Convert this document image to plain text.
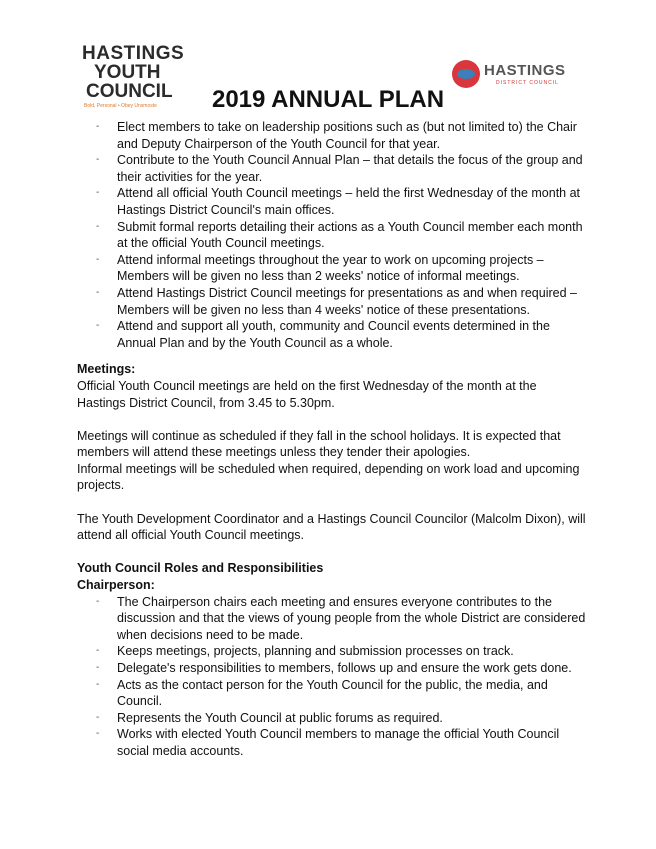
HASTINGS
YOUTH
COUNCIL
Bold, Personal • Obey Unsmoste
HASTINGS
DISTRICT COUNCIL
2019 ANNUAL PLAN
- Elect members to take on leadership positions such as (but not limited to) the Chair and Deputy Chairperson of the Youth Council for that year.
- Contribute to the Youth Council Annual Plan – that details the focus of the group and their activities for the year.
- Attend all official Youth Council meetings – held the first Wednesday of the month at Hastings District Council's main offices.
- Submit formal reports detailing their actions as a Youth Council member each month at the official Youth Council meetings.
- Attend informal meetings throughout the year to work on upcoming projects – Members will be given no less than 2 weeks' notice of informal meetings.
- Attend Hastings District Council meetings for presentations as and when required – Members will be given no less than 4 weeks' notice of these presentations.
- Attend and support all youth, community and Council events determined in the Annual Plan and by the Youth Council as a whole.
Meetings:

Official Youth Council meetings are held on the first Wednesday of the month at the Hastings District Council, from 3.45 to 5.30pm.

Meetings will continue as scheduled if they fall in the school holidays. It is expected that members will attend these meetings unless they tender their apologies.

Informal meetings will be scheduled when required, depending on work load and upcoming projects.

The Youth Development Coordinator and a Hastings Council Councilor (Malcolm Dixon), will attend all official Youth Council meetings.

Youth Council Roles and Responsibilities
Chairperson:
- The Chairperson chairs each meeting and ensures everyone contributes to the discussion and that the views of young people from the whole District are considered when decisions need to be made.
- Keeps meetings, projects, planning and submission processes on track.
- Delegate's responsibilities to members, follows up and ensure the work gets done.
- Acts as the contact person for the Youth Council for the public, the media, and Council.
- Represents the Youth Council at public forums as required.
- Works with elected Youth Council members to manage the official Youth Council social media accounts.
